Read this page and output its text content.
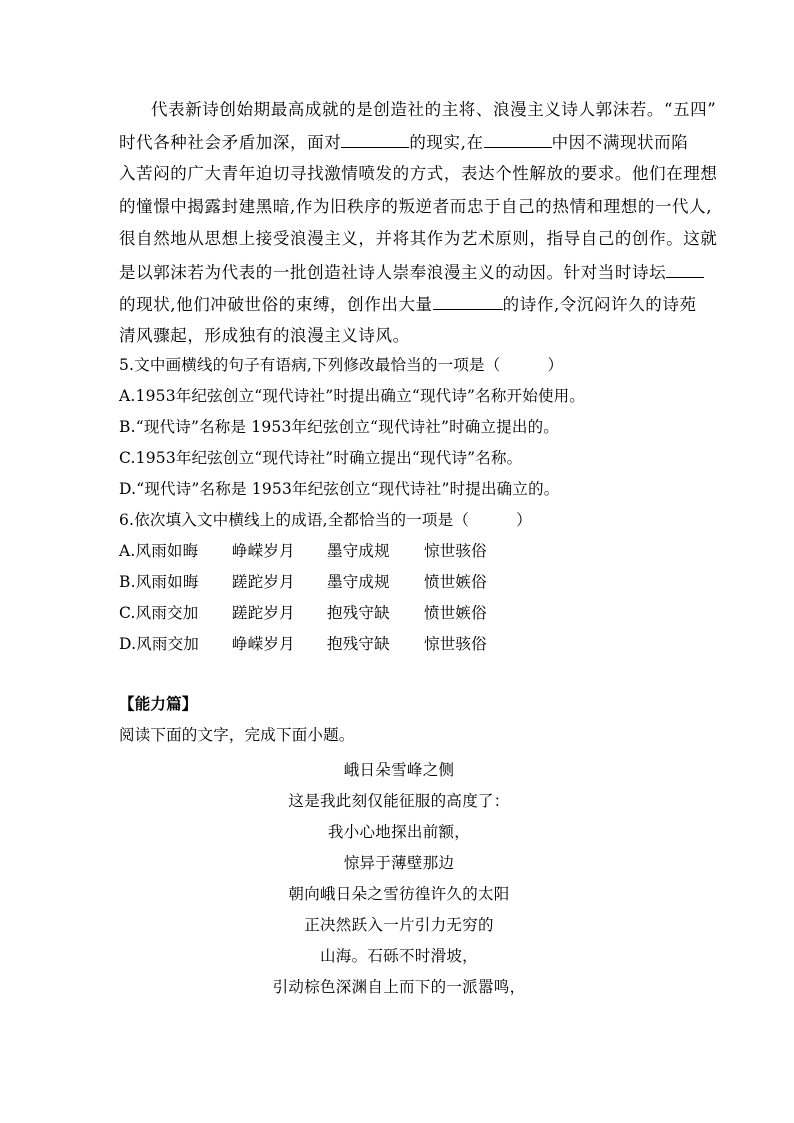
代表新诗创始期最高成就的是创造社的主将、浪漫主义诗人郭沫若。“五四”
时代各种社会矛盾加深，面对	的现实,在	中因不满现状而陷
入苦闷的广大青年迫切寻找激情喷发的方式，表达个性解放的要求。他们在理想
的憧憬中揭露封建黑暗,作为旧秩序的叛逆者而忠于自己的热情和理想的一代人,
很自然地从思想上接受浪漫主义，并将其作为艺术原则，指导自己的创作。这就
是以郭沫若为代表的一批创造社诗人崇奉浪漫主义的动因。针对当时诗坛
的现状,他们冲破世俗的束缚，创作出大量	的诗作,令沉闷许久的诗苑
清风骤起，形成独有的浪漫主义诗风。
5.文中画横线的句子有语病,下列修改最恰当的一项是（　　　）
A.1953年纪弦创立“现代诗社”时提出确立“现代诗”名称开始使用。
B.“现代诗”名称是 1953年纪弦创立“现代诗社”时确立提出的。
C.1953年纪弦创立“现代诗社”时确立提出“现代诗”名称。
D.“现代诗”名称是 1953年纪弦创立“现代诗社”时提出确立的。
6.依次填入文中横线上的成语,全都恰当的一项是（　　　）
A.风雨如晦 峥嵘岁月 墨守成规 惊世骇俗
B.风雨如晦 蹉跎岁月 墨守成规 愤世嫉俗
C.风雨交加 蹉跎岁月 抱残守缺 愤世嫉俗
D.风雨交加 峥嵘岁月 抱残守缺 惊世骇俗
【能力篇】
阅读下面的文字，完成下面小题。
峨日朵雪峰之侧
这是我此刻仅能征服的高度了：
我小心地探出前额，
惊异于薄壁那边
朝向峨日朵之雪彷徨许久的太阳
正决然跃入一片引力无穷的
山海。石砾不时滑坡，
引动棕色深渊自上而下的一派嚣鸣，
